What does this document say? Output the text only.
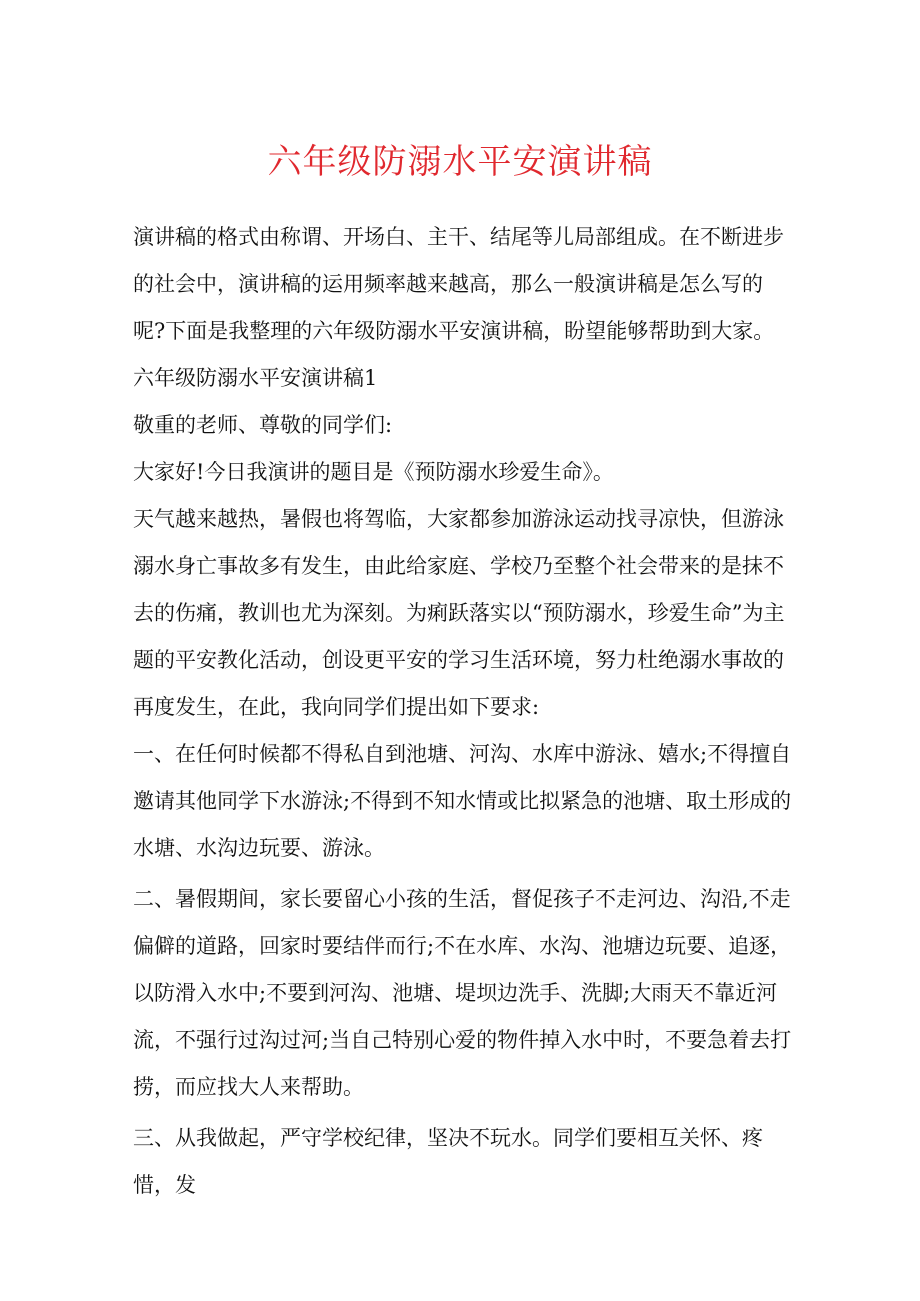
六年级防溺水平安演讲稿

演讲稿的格式由称谓、开场白、主干、结尾等儿局部组成。在不断进步的社会中，演讲稿的运用频率越来越高，那么一般演讲稿是怎么写的呢?下面是我整理的六年级防溺水平安演讲稿，盼望能够帮助到大家。

六年级防溺水平安演讲稿1

敬重的老师、尊敬的同学们:

大家好!今日我演讲的题目是《预防溺水珍爱生命》。

天气越来越热，暑假也将驾临，大家都参加游泳运动找寻凉快，但游泳溺水身亡事故多有发生，由此给家庭、学校乃至整个社会带来的是抹不去的伤痛，教训也尤为深刻。为痢跃落实以“预防溺水，珍爱生命”为主题的平安教化活动，创设更平安的学习生活环境，努力杜绝溺水事故的再度发生，在此，我向同学们提出如下要求:

一、在任何时候都不得私自到池塘、河沟、水库中游泳、嬉水;不得擅自邀请其他同学下水游泳;不得到不知水情或比拟紧急的池塘、取土形成的水塘、水沟边玩要、游泳。

二、暑假期间，家长要留心小孩的生活，督促孩子不走河边、沟沿,不走偏僻的道路，回家时要结伴而行;不在水库、水沟、池塘边玩要、追逐，以防滑入水中;不要到河沟、池塘、堤坝边洗手、洗脚;大雨天不靠近河流，不强行过沟过河;当自己特别心爱的物件掉入水中时，不要急着去打捞，而应找大人来帮助。

三、从我做起，严守学校纪律，坚决不玩水。同学们要相互关怀、疼惜，发
